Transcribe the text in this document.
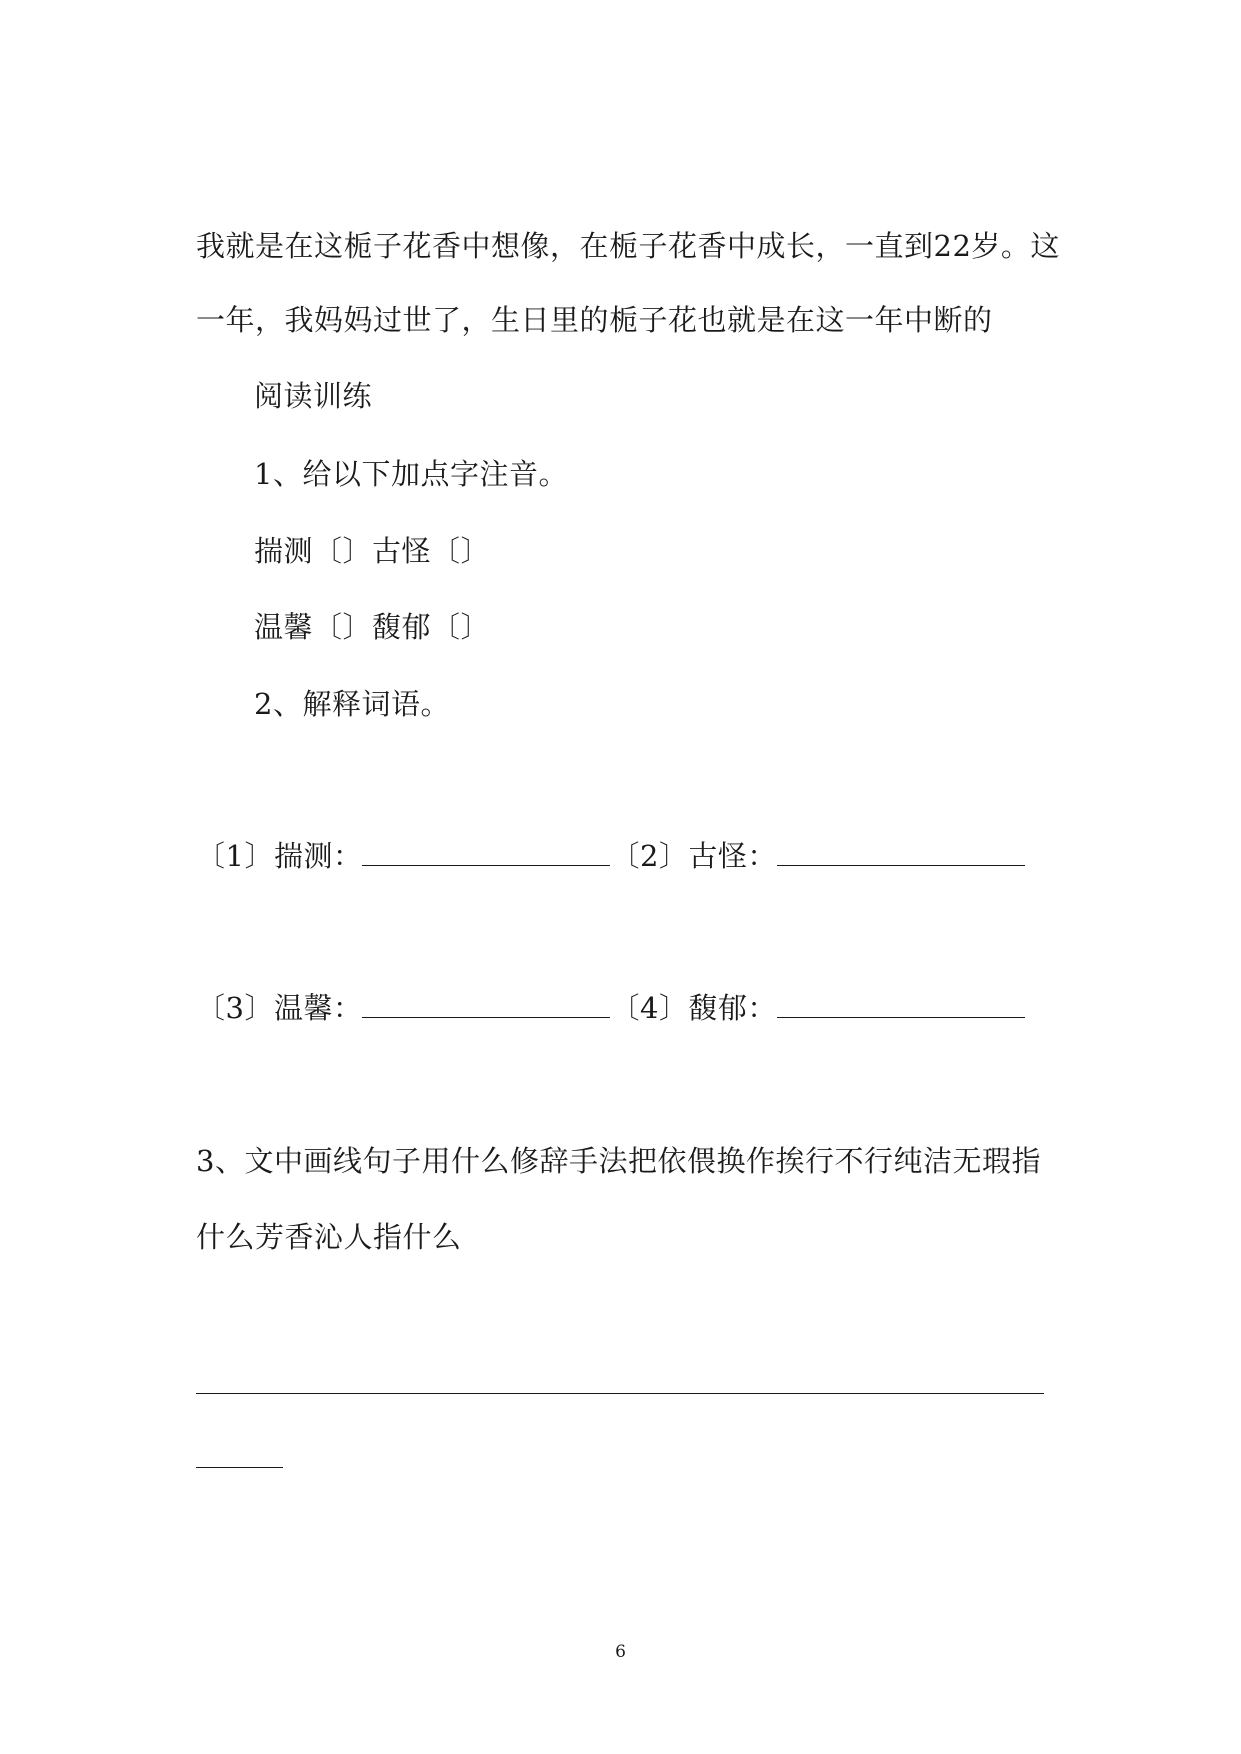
我就是在这栀子花香中想像，在栀子花香中成长，一直到22岁。这
一年，我妈妈过世了，生日里的栀子花也就是在这一年中断的
阅读训练
1、给以下加点字注音。
揣测〔〕古怪〔〕
温馨〔〕馥郁〔〕
2、解释词语。
〔1〕揣测：	〔2〕古怪：
〔3〕温馨：	〔4〕馥郁：
3、文中画线句子用什么修辞手法把依偎换作挨行不行纯洁无瑕指
什么芳香沁人指什么
6
